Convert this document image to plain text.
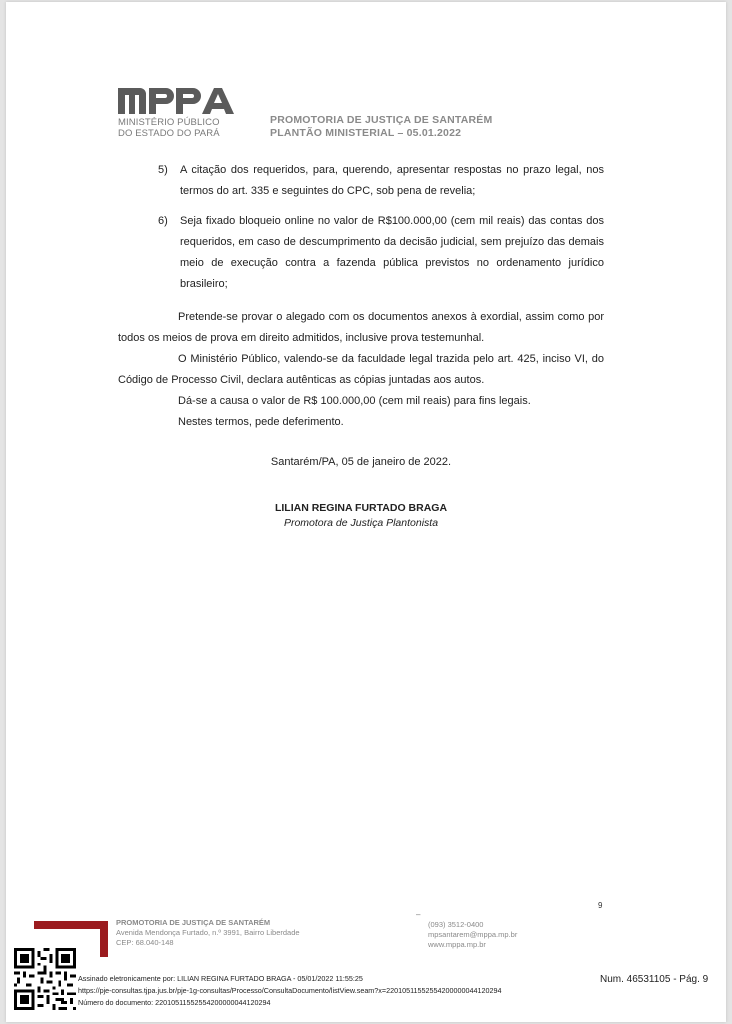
MINISTÉRIO PÚBLICO
DO ESTADO DO PARÁ
PROMOTORIA DE JUSTIÇA DE SANTARÉM
PLANTÃO MINISTERIAL – 05.01.2022
5) A citação dos requeridos, para, querendo, apresentar respostas no prazo legal, nos termos do art. 335 e seguintes do CPC, sob pena de revelia;
6) Seja fixado bloqueio online no valor de R$100.000,00 (cem mil reais) das contas dos requeridos, em caso de descumprimento da decisão judicial, sem prejuízo das demais meio de execução contra a fazenda pública previstos no ordenamento jurídico brasileiro;
Pretende-se provar o alegado com os documentos anexos à exordial, assim como por todos os meios de prova em direito admitidos, inclusive prova testemunhal.
O Ministério Público, valendo-se da faculdade legal trazida pelo art. 425, inciso VI, do Código de Processo Civil, declara autênticas as cópias juntadas aos autos.
Dá-se a causa o valor de R$ 100.000,00 (cem mil reais) para fins legais.
Nestes termos, pede deferimento.
Santarém/PA, 05 de janeiro de 2022.
LILIAN REGINA FURTADO BRAGA
Promotora de Justiça Plantonista
9
PROMOTORIA DE JUSTIÇA DE SANTARÉM
Avenida Mendonça Furtado, n.º 3991, Bairro Liberdade
CEP: 68.040-148
–
(093) 3512-0400
mpsantarem@mppa.mp.br
www.mppa.mp.br
Assinado eletronicamente por: LILIAN REGINA FURTADO BRAGA - 05/01/2022 11:55:25
https://pje-consultas.tjpa.jus.br/pje-1g-consultas/Processo/ConsultaDocumento/listView.seam?x=22010511552554200000044120294
Número do documento: 22010511552554200000044120294
Num. 46531105 - Pág. 9
